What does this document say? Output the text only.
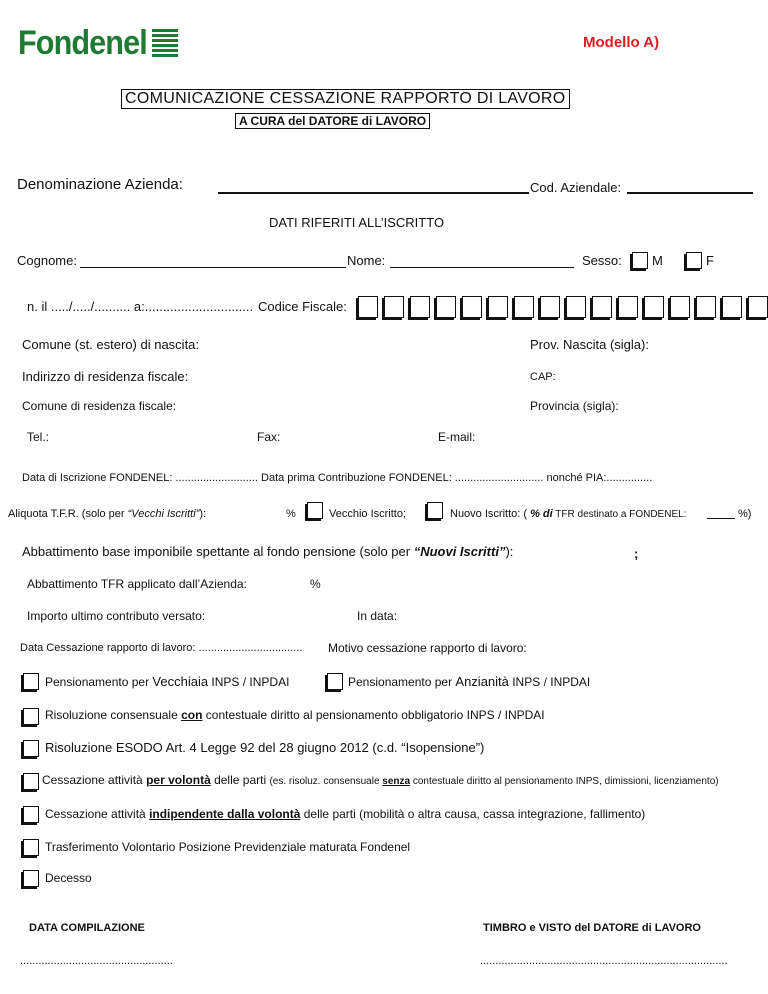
Fondenel	Modello A)
COMUNICAZIONE CESSAZIONE RAPPORTO DI LAVORO
A CURA del DATORE di LAVORO
Denominazione Azienda:	Cod. Aziendale:
DATI RIFERITI ALL’ISCRITTO
Cognome:	Nome:	Sesso: M	F
n. il ...../...../.......... a:.............................. Codice Fiscale:
Comune (st. estero) di nascita:	Prov. Nascita (sigla):
Indirizzo di residenza fiscale:	CAP:
Comune di residenza fiscale:	Provincia (sigla):
Tel.:	Fax:	E-mail:
Data di Iscrizione FONDENEL: ........................... Data prima Contribuzione FONDENEL: ............................. nonché PIA:...............
Aliquota T.F.R. (solo per “Vecchi Iscritti”):	%	Vecchio Iscritto;	Nuovo Iscritto: ( % di TFR destinato a FONDENEL:	%)
Abbattimento base imponibile spettante al fondo pensione (solo per “Nuovi Iscritti”):	;
Abbattimento TFR applicato dall’Azienda:	%
Importo ultimo contributo versato:	In data:
Data Cessazione rapporto di lavoro: .................................. Motivo cessazione rapporto di lavoro:
Pensionamento per Vecchiaia INPS / INPDAI	Pensionamento per Anzianità INPS / INPDAI
Risoluzione consensuale con contestuale diritto al pensionamento obbligatorio INPS / INPDAI
Risoluzione ESODO Art. 4 Legge 92 del 28 giugno 2012 (c.d. “Isopensione”)
Cessazione attività per volontà delle parti (es. risoluz. consensuale senza contestuale diritto al pensionamento INPS, dimissioni, licenziamento)
Cessazione attività indipendente dalla volontà delle parti (mobilità o altra causa, cassa integrazione, fallimento)
Trasferimento Volontario Posizione Previdenziale maturata Fondenel
Decesso
DATA COMPILAZIONE
..................................................
TIMBRO e VISTO del DATORE di LAVORO
.................................................................................
